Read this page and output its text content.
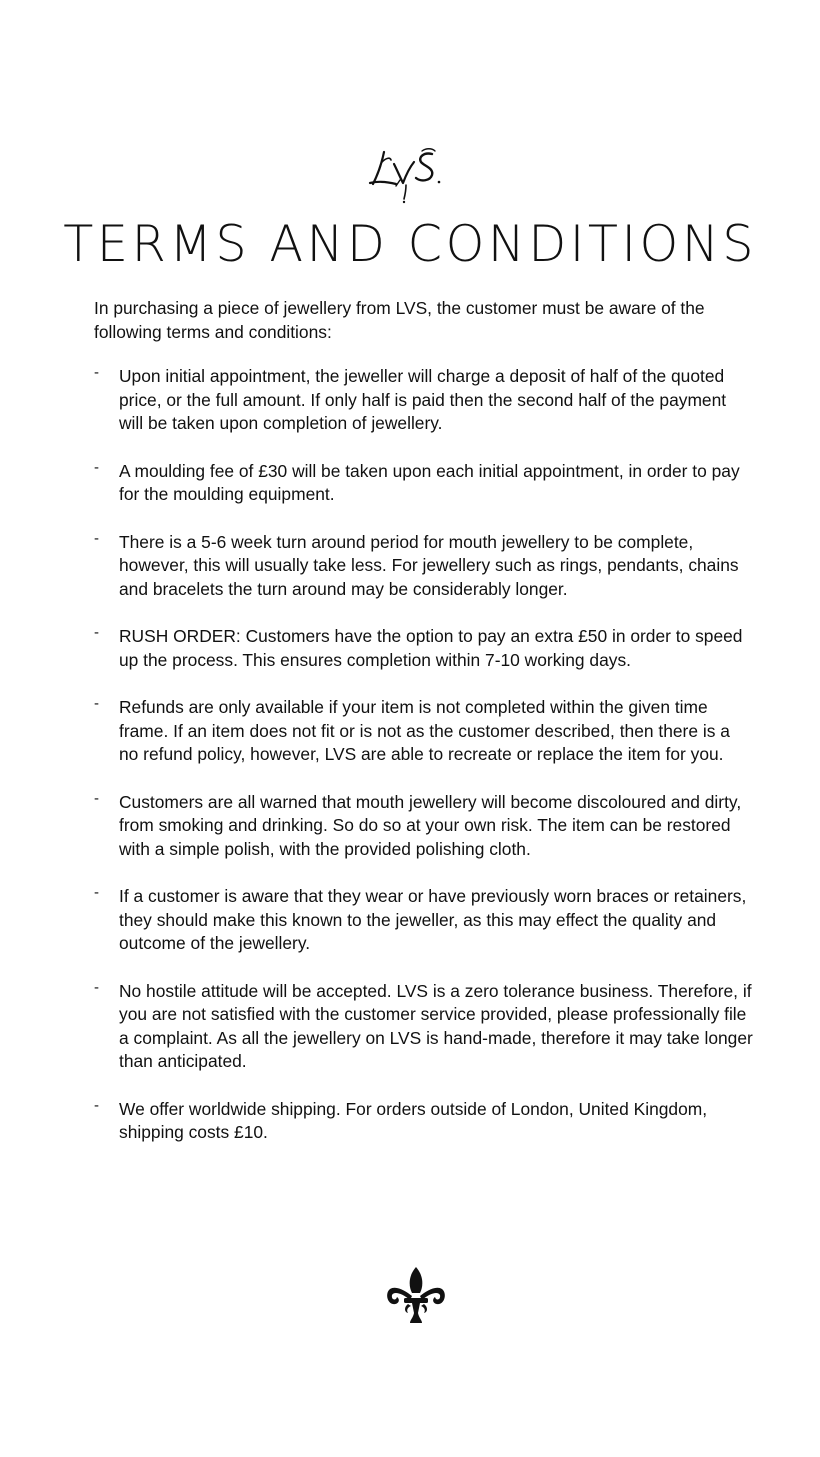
TERMS AND CONDITIONS

In purchasing a piece of jewellery from LVS, the customer must be aware of the following terms and conditions:

- Upon initial appointment, the jeweller will charge a deposit of half of the quoted price, or the full amount. If only half is paid then the second half of the payment will be taken upon completion of jewellery.
- A moulding fee of £30 will be taken upon each initial appointment, in order to pay for the moulding equipment.
- There is a 5-6 week turn around period for mouth jewellery to be complete, however, this will usually take less. For jewellery such as rings, pendants, chains and bracelets the turn around may be considerably longer.
- RUSH ORDER: Customers have the option to pay an extra £50 in order to speed up the process. This ensures completion within 7-10 working days.
- Refunds are only available if your item is not completed within the given time frame. If an item does not fit or is not as the customer described, then there is a no refund policy, however, LVS are able to recreate or replace the item for you.
- Customers are all warned that mouth jewellery will become discoloured and dirty, from smoking and drinking. So do so at your own risk. The item can be restored with a simple polish, with the provided polishing cloth.
- If a customer is aware that they wear or have previously worn braces or retainers, they should make this known to the jeweller, as this may effect the quality and outcome of the jewellery.
- No hostile attitude will be accepted. LVS is a zero tolerance business. Therefore, if you are not satisfied with the customer service provided, please professionally file a complaint. As all the jewellery on LVS is hand-made, therefore it may take longer than anticipated.
- We offer worldwide shipping. For orders outside of London, United Kingdom, shipping costs £10.
